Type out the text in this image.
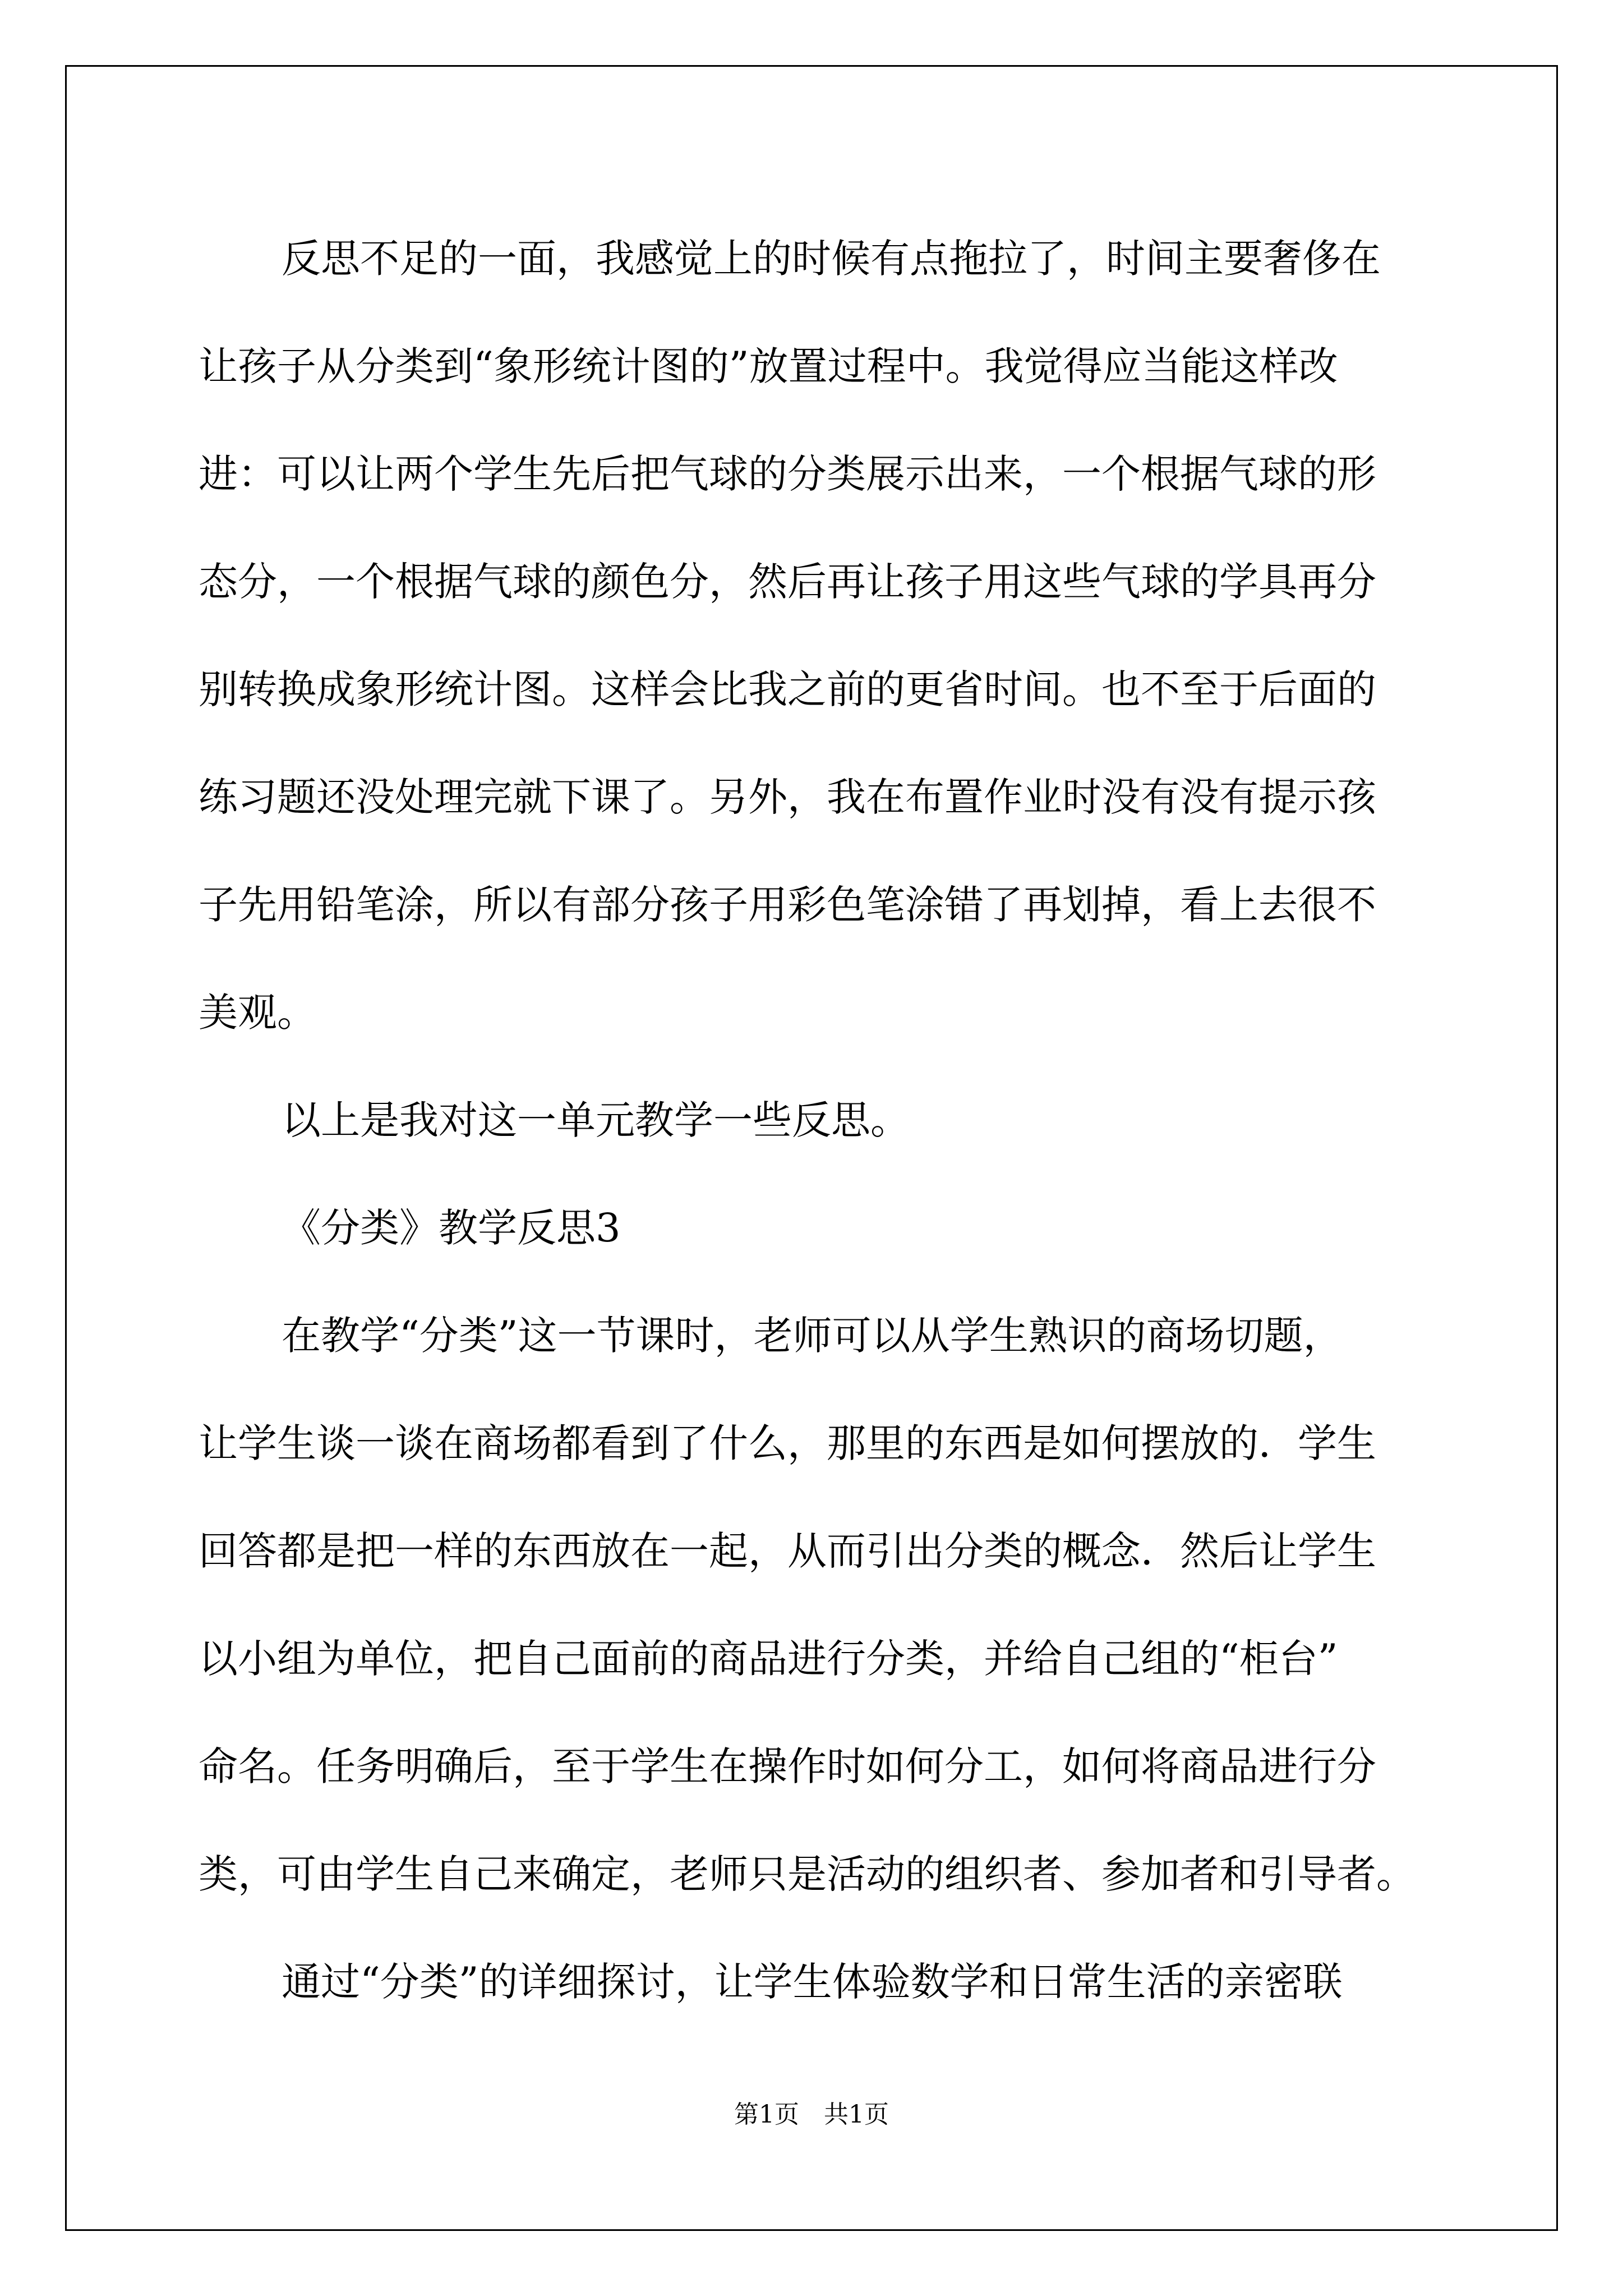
反思不足的一面，我感觉上的时候有点拖拉了，时间主要奢侈在
让孩子从分类到“象形统计图的”放置过程中。我觉得应当能这样改
进：可以让两个学生先后把气球的分类展示出来，一个根据气球的形
态分，一个根据气球的颜色分，然后再让孩子用这些气球的学具再分
别转换成象形统计图。这样会比我之前的更省时间。也不至于后面的
练习题还没处理完就下课了。另外，我在布置作业时没有没有提示孩
子先用铅笔涂，所以有部分孩子用彩色笔涂错了再划掉，看上去很不
美观。
以上是我对这一单元教学一些反思。
《分类》教学反思3
在教学“分类”这一节课时，老师可以从学生熟识的商场切题，
让学生谈一谈在商场都看到了什么，那里的东西是如何摆放的．学生
回答都是把一样的东西放在一起，从而引出分类的概念．然后让学生
以小组为单位，把自己面前的商品进行分类，并给自己组的“柜台”
命名。任务明确后，至于学生在操作时如何分工，如何将商品进行分
类，可由学生自己来确定，老师只是活动的组织者、参加者和引导者。
通过“分类”的详细探讨，让学生体验数学和日常生活的亲密联
第1页　共1页
